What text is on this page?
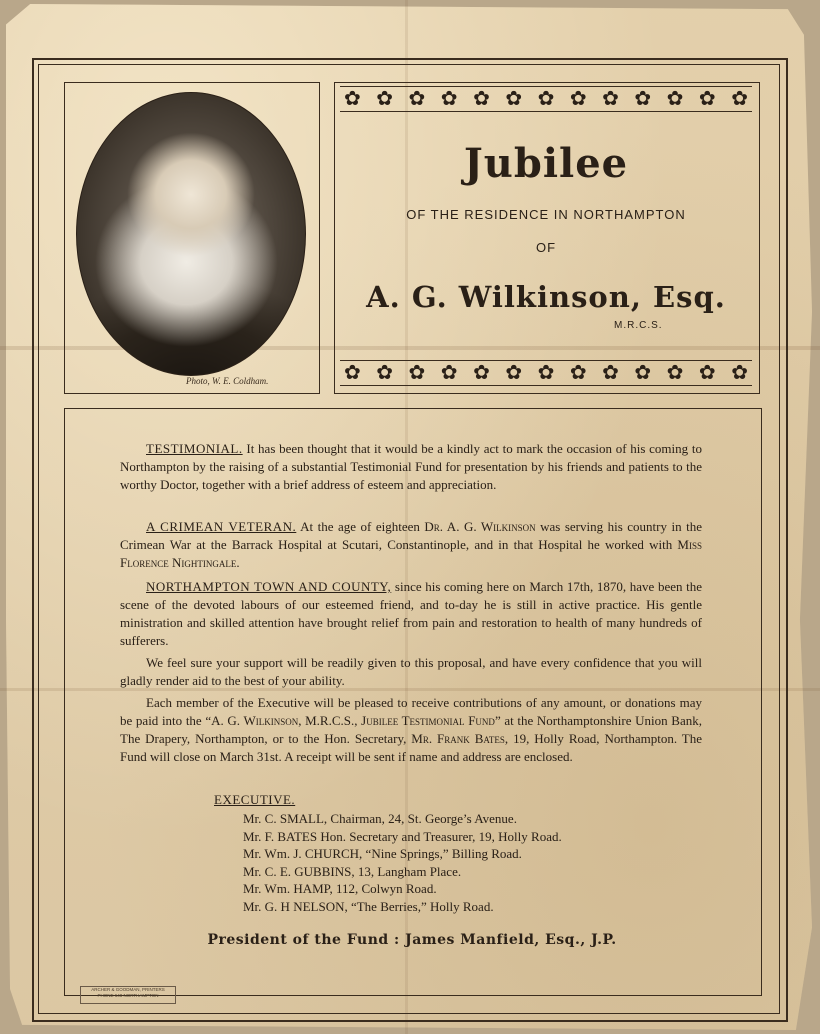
Photo, W. E. Coldham.
✿ ✿ ✿ ✿ ✿ ✿ ✿ ✿ ✿ ✿ ✿ ✿ ✿
Jubilee
OF THE RESIDENCE IN NORTHAMPTON
OF
A. G. Wilkinson, Esq.
M.R.C.S.
✿ ✿ ✿ ✿ ✿ ✿ ✿ ✿ ✿ ✿ ✿ ✿ ✿
TESTIMONIAL. It has been thought that it would be a kindly act to mark the occasion of his coming to Northampton by the raising of a substantial Testimonial Fund for presentation by his friends and patients to the worthy Doctor, together with a brief address of esteem and appreciation.
A CRIMEAN VETERAN. At the age of eighteen Dr. A. G. Wilkinson was serving his country in the Crimean War at the Barrack Hospital at Scutari, Constantinople, and in that Hospital he worked with Miss Florence Nightingale.
NORTHAMPTON TOWN AND COUNTY, since his coming here on March 17th, 1870, have been the scene of the devoted labours of our esteemed friend, and to-day he is still in active practice. His gentle ministration and skilled attention have brought relief from pain and restoration to health of many hundreds of sufferers.
We feel sure your support will be readily given to this proposal, and have every confidence that you will gladly render aid to the best of your ability.
Each member of the Executive will be pleased to receive contributions of any amount, or donations may be paid into the “A. G. Wilkinson, M.R.C.S., Jubilee Testimonial Fund” at the Northamptonshire Union Bank, The Drapery, Northampton, or to the Hon. Secretary, Mr. Frank Bates, 19, Holly Road, Northampton. The Fund will close on March 31st. A receipt will be sent if name and address are enclosed.
EXECUTIVE.
Mr. C. SMALL, Chairman, 24, St. George’s Avenue.
Mr. F. BATES Hon. Secretary and Treasurer, 19, Holly Road.
Mr. Wm. J. CHURCH, “Nine Springs,” Billing Road.
Mr. C. E. GUBBINS, 13, Langham Place.
Mr. Wm. HAMP, 112, Colwyn Road.
Mr. G. H NELSON, “The Berries,” Holly Road.
President of the Fund : James Manfield, Esq., J.P.
ARCHER & GOODMAN, PRINTERS
PHONE 648 NORTHAMPTON
